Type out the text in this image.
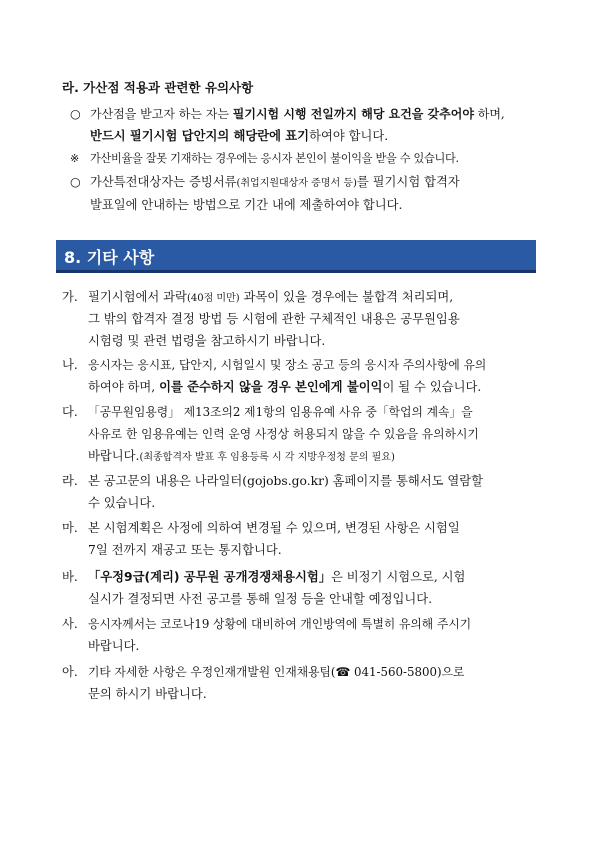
라. 가산점 적용과 관련한 유의사항
○ 가산점을 받고자 하는 자는 필기시험 시행 전일까지 해당 요건을 갖추어야 하며,
반드시 필기시험 답안지의 해당란에 표기하여야 합니다.
※ 가산비율을 잘못 기재하는 경우에는 응시자 본인이 불이익을 받을 수 있습니다.
○ 가산특전대상자는 증빙서류(취업지원대상자 증명서 등)를 필기시험 합격자
발표일에 안내하는 방법으로 기간 내에 제출하여야 합니다.
8. 기타 사항
가. 필기시험에서 과락(40점 미만) 과목이 있을 경우에는 불합격 처리되며,
그 밖의 합격자 결정 방법 등 시험에 관한 구체적인 내용은 공무원임용
시험령 및 관련 법령을 참고하시기 바랍니다.
나. 응시자는 응시표, 답안지, 시험일시 및 장소 공고 등의 응시자 주의사항에 유의
하여야 하며, 이를 준수하지 않을 경우 본인에게 불이익이 될 수 있습니다.
다. 「공무원임용령」 제13조의2 제1항의 임용유예 사유 중「학업의 계속」을
사유로 한 임용유예는 인력 운영 사정상 허용되지 않을 수 있음을 유의하시기
바랍니다.(최종합격자 발표 후 임용등록 시 각 지방우정청 문의 필요)
라. 본 공고문의 내용은 나라일터(gojobs.go.kr) 홈페이지를 통해서도 열람할
수 있습니다.
마. 본 시험계획은 사정에 의하여 변경될 수 있으며, 변경된 사항은 시험일
7일 전까지 재공고 또는 통지합니다.
바. 「우정9급(계리) 공무원 공개경쟁채용시험」은 비정기 시험으로, 시험
실시가 결정되면 사전 공고를 통해 일정 등을 안내할 예정입니다.
사. 응시자께서는 코로나19 상황에 대비하여 개인방역에 특별히 유의해 주시기
바랍니다.
아. 기타 자세한 사항은 우정인재개발원 인재채용팀(☎ 041-560-5800)으로
문의 하시기 바랍니다.
